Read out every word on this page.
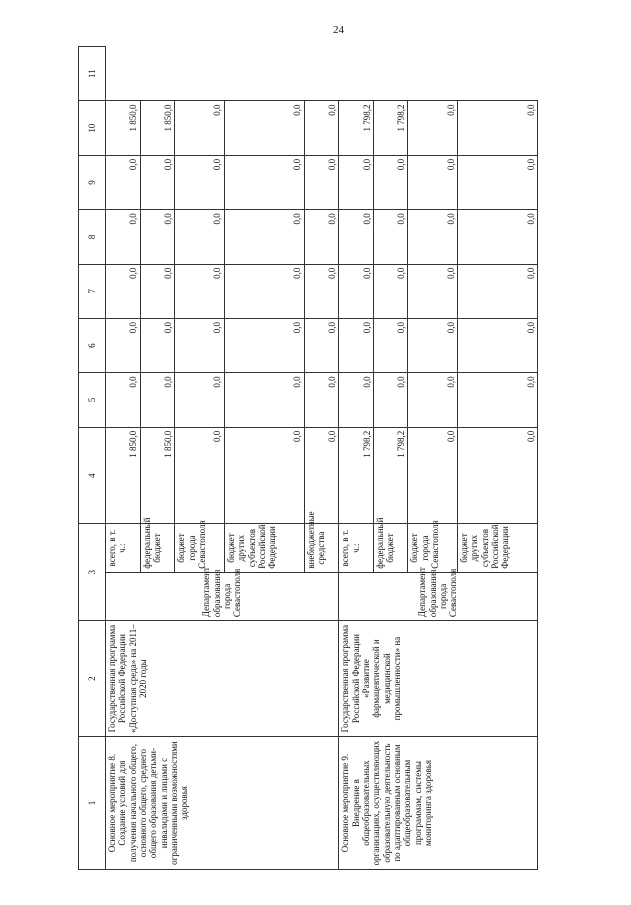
24
1	2	3		4	5	6	7	8	9	10	11
Основное мероприятие 8. Создание условий для получения начального общего, основного общего, среднего общего образования детьми-инвалидами и лицами с ограниченными возможностями здоровья	Государственная программа Российской Федерации «Доступная среда» на 2011–2020 годы	Департамент образования города Севастополя	всего, в т. ч.:	1 850,0	0,0	0,0	0,0	0,0	0,0	1 850,0	
			федеральный бюджет	1 850,0	0,0	0,0	0,0	0,0	0,0	1 850,0	
			бюджет города Севастополя	0,0	0,0	0,0	0,0	0,0	0,0	0,0	
			бюджет других субъектов Российской Федерации	0,0	0,0	0,0	0,0	0,0	0,0	0,0	
			внебюджетные средства	0,0	0,0	0,0	0,0	0,0	0,0	0,0	
Основное мероприятие 9. Внедрение в общеобразовательных организациях, осуществляющих образовательную деятельность по адаптированным основным общеобразовательным программам, системы мониторинга здоровья	Государственная программа Российской Федерации «Развитие фармацевтической и медицинской промышленности» на	Департамент образования города Севастополя	всего, в т. ч.:	1 798,2	0,0	0,0	0,0	0,0	0,0	1 798,2	
			федеральный бюджет	1 798,2	0,0	0,0	0,0	0,0	0,0	1 798,2	
			бюджет города Севастополя	0,0	0,0	0,0	0,0	0,0	0,0	0,0	
			бюджет других субъектов Российской Федерации	0,0	0,0	0,0	0,0	0,0	0,0	0,0	
